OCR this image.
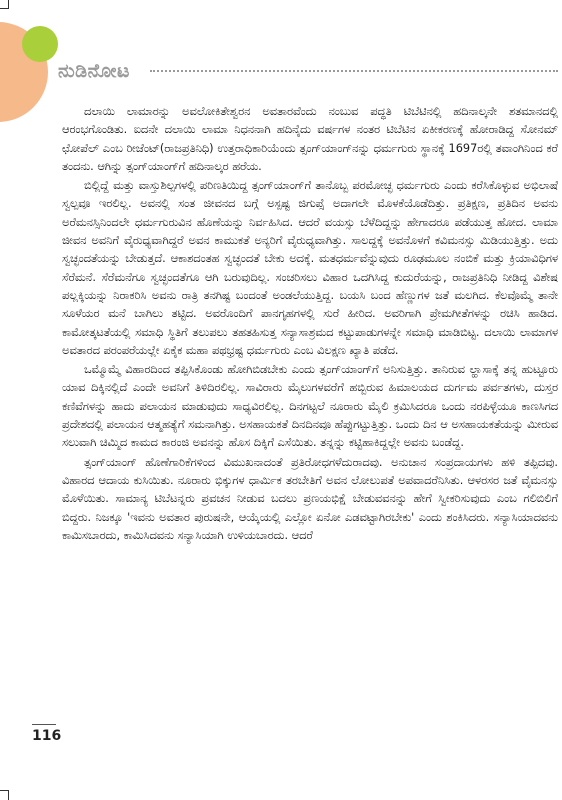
ನುಡಿನೋಟ

ದಲಾಯಿ ಲಾಮಾರನ್ನು ಅವಲೋಕಿತೇಶ್ವರನ ಅವತಾರವೆಂದು ನಂಬುವ ಪದ್ಧತಿ ಟಿಬೆಟಿನಲ್ಲಿ ಹದಿನಾಲ್ಕನೇ ಶತಮಾನದಲ್ಲಿ ಆರಂಭಗೊಂಡಿತು. ಐದನೇ ದಲಾಯಿ ಲಾಮಾ ನಿಧನನಾಗಿ ಹದಿನೈದು ವರ್ಷಗಳ ನಂತರ ಟಿಬೆಟಿನ ಏಕೀಕರಣಕ್ಕೆ ಹೋರಾಡಿದ್ದ ಸೋನಮ್ ಛೋಪೆಲ್ ಎಂಬ ರೀಜೆಂಟ್(ರಾಜಪ್ರತಿನಿಧಿ) ಉತ್ತರಾಧಿಕಾರಿಯೆಂದು ತ್ಸಂಗ್‌ಯಾಂಗ್‌ನನ್ನು ಧರ್ಮಗುರು ಸ್ಥಾನಕ್ಕೆ 1697ರಲ್ಲಿ ತವಾಂಗಿನಿಂದ ಕರೆ ತಂದನು. ಆಗಿನ್ನು ತ್ಸಂಗ್‌ಯಾಂಗ್‌ಗೆ ಹದಿನಾಲ್ಕರ ಹರೆಯ.

ಬಿಲ್ಲಿದ್ದೆ ಮತ್ತು ವಾಸ್ತುಶಿಲ್ಪಗಳಲ್ಲಿ ಪರಿಣತಿಯಿದ್ದ ತ್ಸಂಗ್‌ಯಾಂಗ್‌ಗೆ ತಾನೊಬ್ಬ ಪರಮೋಚ್ಛ ಧರ್ಮಗುರು ಎಂದು ಕರೆಸಿಕೊಳ್ಳುವ ಅಭಿಲಾಷೆ ಸ್ವಲ್ಪವೂ ಇರಲಿಲ್ಲ. ಅವನಲ್ಲಿ ಸಂತ ಜೀವನದ ಬಗ್ಗೆ ಅಸ್ಪಷ್ಟ ಜಿಗುಪ್ಸೆ ಅದಾಗಲೇ ಮೊಳಕೆಯೊಡೆದಿತ್ತು. ಪ್ರತಿಕ್ಷಣ, ಪ್ರತಿದಿನ ಅವನು ಅರೆಮನಸ್ಸಿನಿಂದಲೇ ಧರ್ಮಗುರುವಿನ ಹೊಣೆಯನ್ನು ನಿರ್ವಹಿಸಿದ. ಆದರೆ ವಯಸ್ಸು ಬೆಳೆದಿದ್ದನ್ನು ಹೇಗಾದರೂ ಪಡೆಯುತ್ತ ಹೋದ. ಲಾಮಾ ಜೀವನ ಅವನಿಗೆ ವೈರುಧ್ಯವಾಗಿದ್ದರೆ ಅವನ ಕಾಮುಕತೆ ಅನ್ಯರಿಗೆ ವೈರುಧ್ಯವಾಗಿತ್ತು. ಸಾಲದ್ದಕ್ಕೆ ಅವನೊಳಗೆ ಕವಿಮನಸ್ಸು ಮಿಡಿಯುತ್ತಿತ್ತು. ಅದು ಸ್ವಚ್ಛಂದತೆಯನ್ನು ಬೇಡುತ್ತದೆ. ಆಕಾಶದಂತಹ ಸ್ವಚ್ಛಂದತೆ ಬೇಕು ಅದಕ್ಕೆ. ಮತಧರ್ಮವೆನ್ನುವುದು ರೂಢಮೂಲ ನಂಬಿಕೆ ಮತ್ತು ಕ್ರಿಯಾವಿಧಿಗಳ ಸೆರೆಮನೆ. ಸೆರೆಮನೆಗೂ ಸ್ವಚ್ಛಂದತೆಗೂ ಆಗಿ ಬರುವುದಿಲ್ಲ. ಸಂಚರಿಸಲು ವಿಹಾರ ಒದಗಿಸಿದ್ದ ಕುದುರೆಯನ್ನು, ರಾಜಪ್ರತಿನಿಧಿ ನೀಡಿದ್ದ ವಿಶೇಷ ಪಲ್ಲಕ್ಕಿಯನ್ನು ನಿರಾಕರಿಸಿ ಅವನು ರಾತ್ರಿ ತನಗಿಷ್ಟ ಬಂದಂತೆ ಅಂಡಲೆಯುತ್ತಿದ್ದ. ಬಯಸಿ ಬಂದ ಹೆಣ್ಣುಗಳ ಜತೆ ಮಲಗಿದ. ಕೆಲವೊಮ್ಮೆ ತಾನೇ ಸೂಳೆಯರ ಮನೆ ಬಾಗಿಲು ತಟ್ಟಿದ. ಅವರೊಂದಿಗೆ ಪಾನಗೃಹಗಳಲ್ಲಿ ಸುರೆ ಹೀರಿದ. ಅವರಿಗಾಗಿ ಪ್ರೇಮಗೀತೆಗಳನ್ನು ರಚಿಸಿ ಹಾಡಿದ. ಕಾಮೋತ್ಕಟತೆಯಲ್ಲಿ ಸಮಾಧಿ ಸ್ಥಿತಿಗೆ ತಲುಪಲು ತಹತಹಿಸುತ್ತ ಸನ್ಯಾಸಾಶ್ರಮದ ಕಟ್ಟುಪಾಡುಗಳನ್ನೇ ಸಮಾಧಿ ಮಾಡಿಬಿಟ್ಟ. ದಲಾಯಿ ಲಾಮಾಗಳ ಅವತಾರದ ಪರಂಪರೆಯಲ್ಲೇ ಏಕೈಕ ಮಹಾ ಪಥಭ್ರಷ್ಟ ಧರ್ಮಗುರು ಎಂಬ ವಿಲಕ್ಷಣ ಖ್ಯಾತಿ ಪಡೆದ.

ಒಮ್ಮೊಮ್ಮೆ ವಿಹಾರದಿಂದ ತಪ್ಪಿಸಿಕೊಂಡು ಹೋಗಿಬಿಡಬೇಕು ಎಂದು ತ್ಸಂಗ್‌ಯಾಂಗ್‌ಗೆ ಅನಿಸುತ್ತಿತ್ತು. ತಾನಿರುವ ಲ್ಹಾಸಾಕ್ಕೆ ತನ್ನ ಹುಟ್ಟೂರು ಯಾವ ದಿಕ್ಕಿನಲ್ಲಿದೆ ಎಂದೇ ಅವನಿಗೆ ತಿಳಿದಿರಲಿಲ್ಲ. ಸಾವಿರಾರು ಮೈಲುಗಳವರೆಗೆ ಹಬ್ಬಿರುವ ಹಿಮಾಲಯದ ದುರ್ಗಮ ಪರ್ವತಗಳು, ದುಸ್ತರ ಕಣಿವೆಗಳನ್ನು ಹಾದು ಪಲಾಯನ ಮಾಡುವುದು ಸಾಧ್ಯವಿರಲಿಲ್ಲ. ದಿನಗಟ್ಟಲೆ ನೂರಾರು ಮೈಲಿ ಕ್ರಮಿಸಿದರೂ ಒಂದು ನರಪಿಳ್ಳೆಯೂ ಕಾಣಸಿಗದ ಪ್ರದೇಶದಲ್ಲಿ ಪಲಾಯನ ಆತ್ಮಹತ್ಯೆಗೆ ಸಮನಾಗಿತ್ತು. ಅಸಹಾಯಕತೆ ದಿನದಿನವೂ ಹೆಪ್ಪುಗಟ್ಟುತ್ತಿತ್ತು. ಒಂದು ದಿನ ಆ ಅಸಹಾಯಕತೆಯನ್ನು ಮೀರುವ ಸಲುವಾಗಿ ಚಿಮ್ಮಿದ ಕಾಮದ ಕಾರಂಜಿ ಅವನನ್ನು ಹೊಸ ದಿಕ್ಕಿಗೆ ಎಸೆಯಿತು. ತನ್ನನ್ನು ಕಟ್ಟಿಹಾಕಿದ್ದಲ್ಲೇ ಅವನು ಬಂಡೆದ್ದ.

ತ್ಸಂಗ್‌ಯಾಂಗ್ ಹೊಣೆಗಾರಿಕೆಗಳಿಂದ ವಿಮುಖನಾದಂತೆ ಪ್ರತಿರೋಧಗಳೆದುರಾದವು. ಅನುಚಾನ ಸಂಪ್ರದಾಯಗಳು ಹಳಿ ತಪ್ಪಿದವು. ವಿಹಾರದ ಆದಾಯ ಕುಸಿಯಿತು. ನೂರಾರು ಭಿಕ್ಕುಗಳ ಧಾರ್ಮಿಕ ತರಬೇತಿಗೆ ಅವನ ಲೋಲುಪತೆ ಅಪವಾದರೆನಿಸಿತು. ಆಳರಸರ ಜತೆ ವೈಮನಸ್ಸು ಮೊಳೆಯಿತು. ಸಾಮಾನ್ಯ ಟಿಬೆಟನ್ನರು ಪ್ರವಚನ ನೀಡುವ ಬದಲು ಪ್ರಣಯಭಿಕ್ಷೆ ಬೇಡುವವನನ್ನು ಹೇಗೆ ಸ್ವೀಕರಿಸುವುದು ಎಂಬ ಗಲಿಬಿಲಿಗೆ ಬಿದ್ದರು. ನಿಜಕ್ಕೂ 'ಇವನು ಅವತಾರ ಪುರುಷನೇ, ಆಯ್ಕೆಯಲ್ಲಿ ಎಲ್ಲೋ ಏನೋ ಎಡವಟ್ಟಾಗಿರಬೇಕು' ಎಂದು ಶಂಕಿಸಿದರು. ಸನ್ಯಾಸಿಯಾದವನು ಕಾಮಿಸಬಾರದು, ಕಾಮಿಸಿದವನು ಸನ್ಯಾಸಿಯಾಗಿ ಉಳಿಯಬಾರದು. ಆದರೆ

116
